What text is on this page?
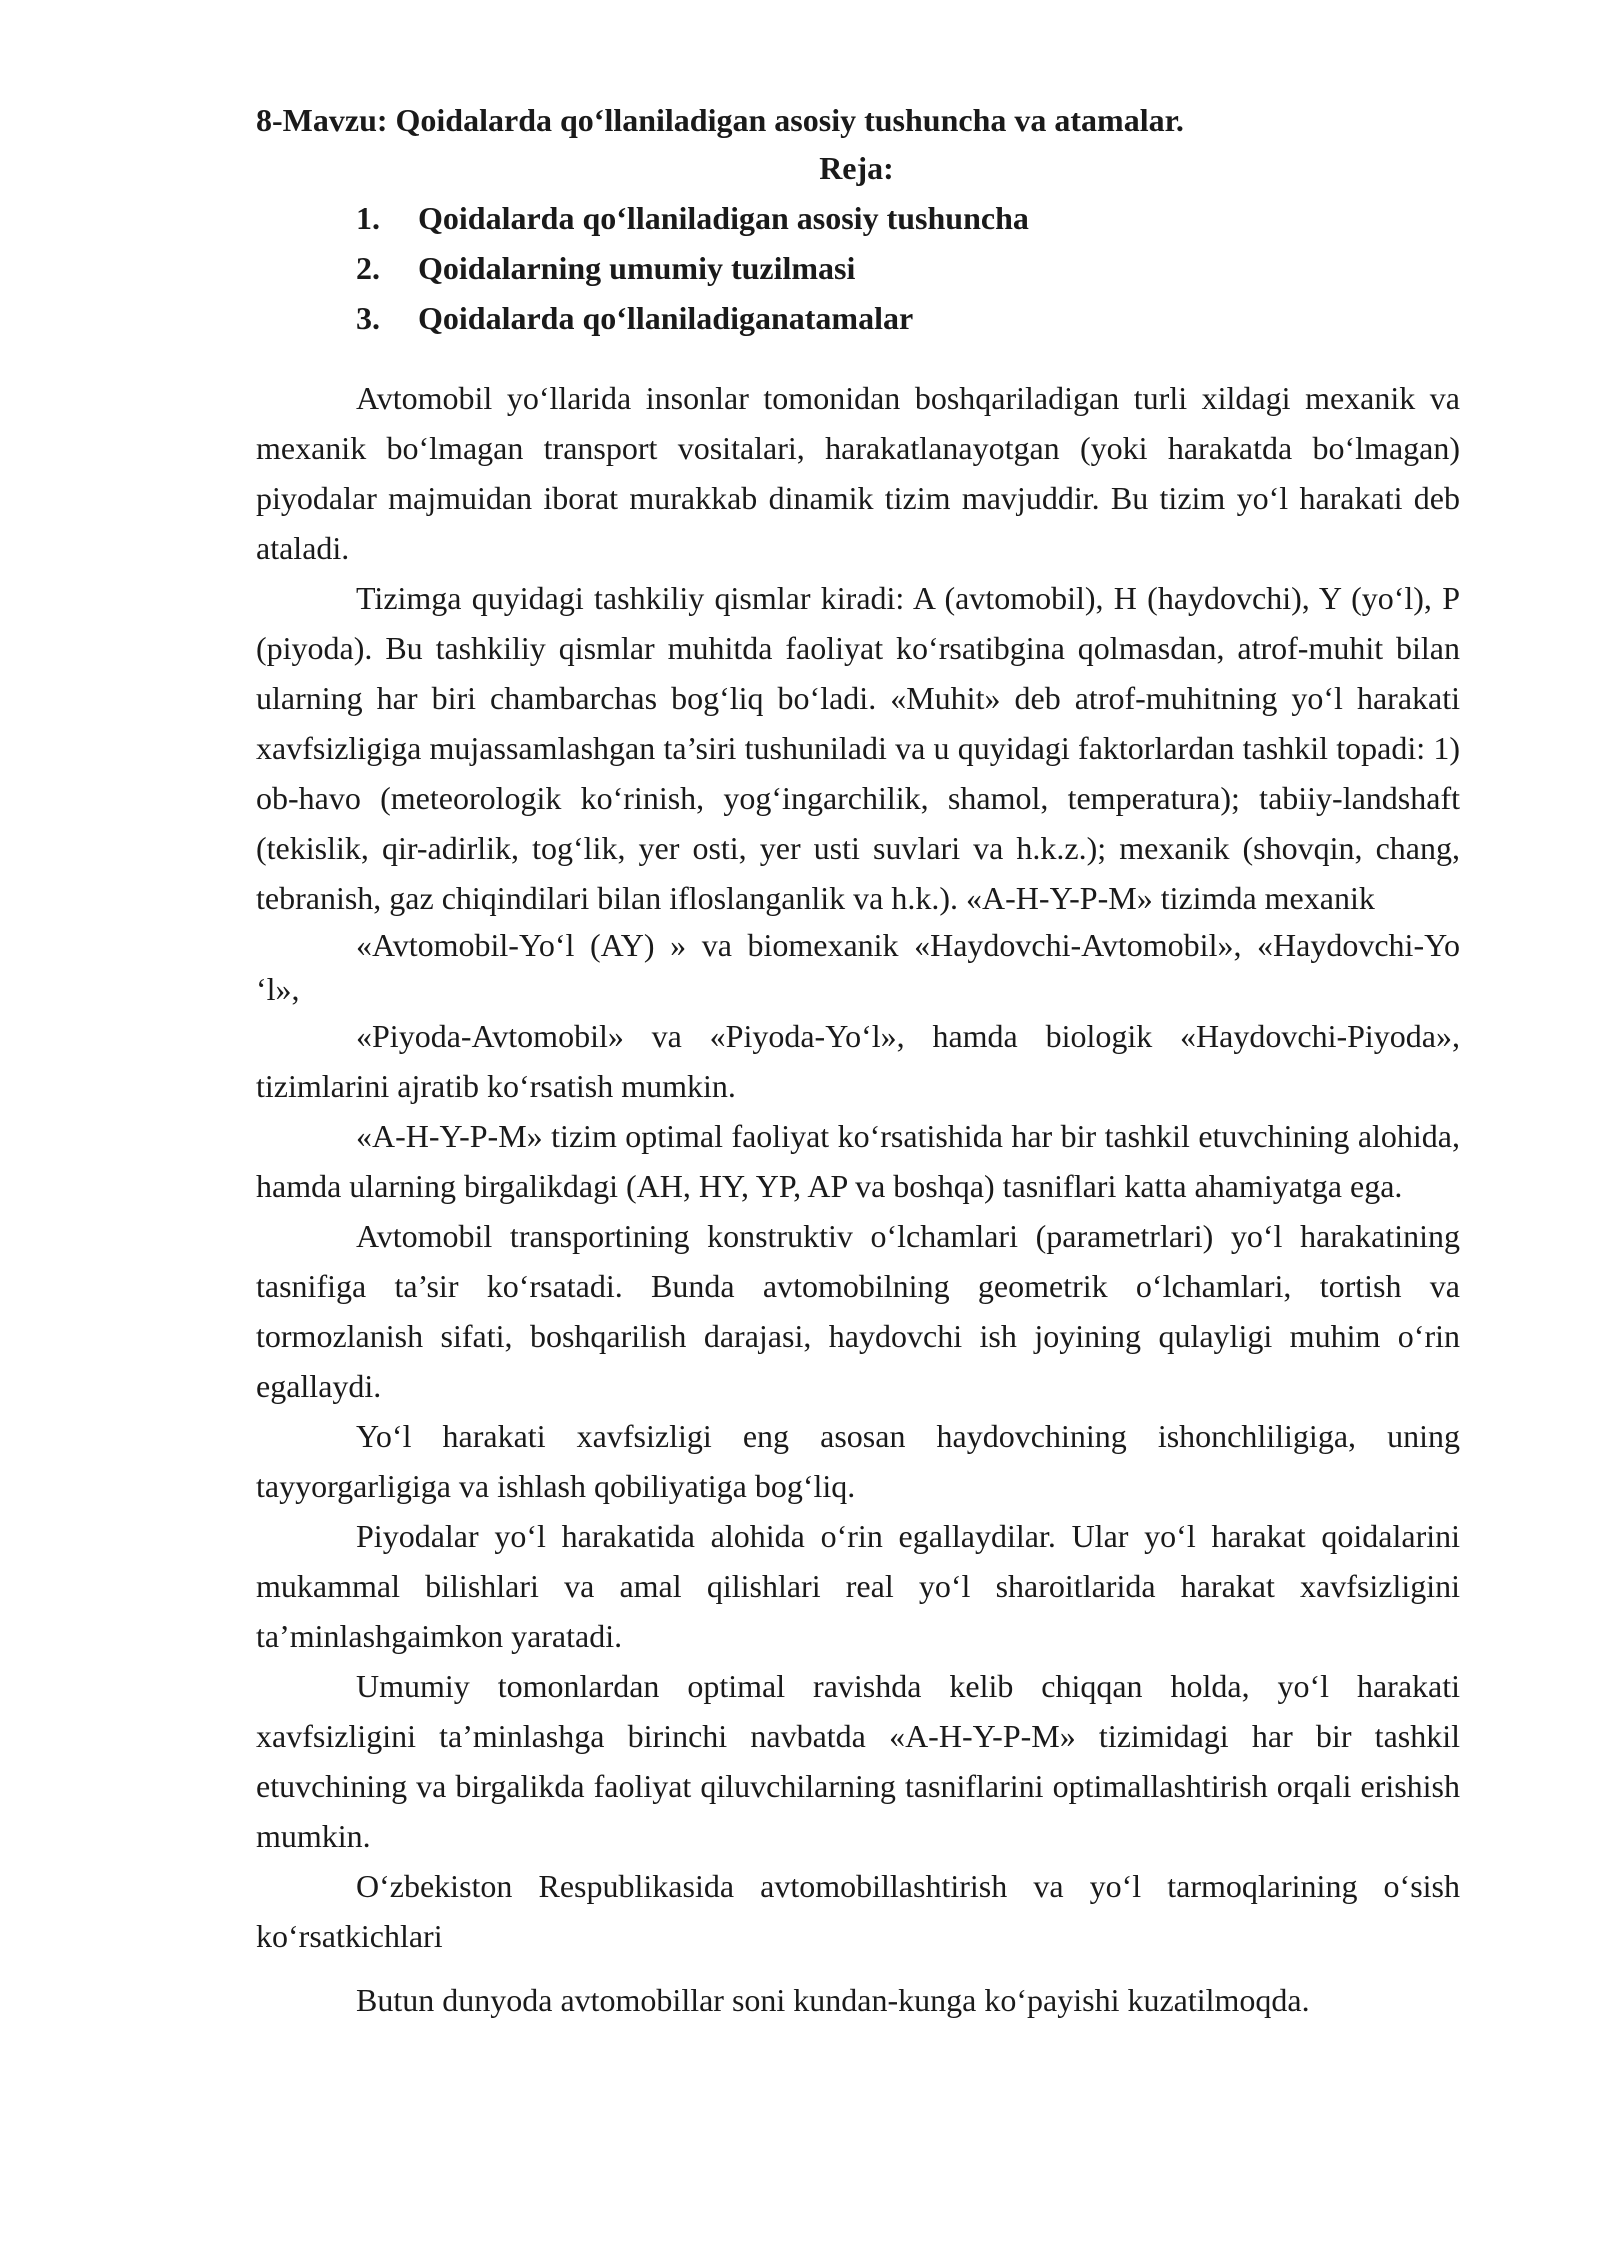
8-Mavzu: Qoidalarda qo‘llaniladigan asosiy tushuncha va atamalar.
Reja:
1. Qoidalarda qo‘llaniladigan asosiy tushuncha
2. Qoidalarning umumiy tuzilmasi
3. Qoidalarda qo‘llaniladiganatamalar

Avtomobil yo‘llarida insonlar tomonidan boshqariladigan turli xildagi mexanik va mexanik bo‘lmagan transport vositalari, harakatlanayotgan (yoki harakatda bo‘lmagan) piyodalar majmuidan iborat murakkab dinamik tizim mavjuddir. Bu tizim yo‘l harakati deb ataladi.

Tizimga quyidagi tashkiliy qismlar kiradi: A (avtomobil), H (haydovchi), Y (yo‘l), P (piyoda). Bu tashkiliy qismlar muhitda faoliyat ko‘rsatibgina qolmasdan, atrof-muhit bilan ularning har biri chambarchas bog‘liq bo‘ladi. «Muhit» deb atrof-muhitning yo‘l harakati xavfsizligiga mujassamlashgan ta’siri tushuniladi va u quyidagi faktorlardan tashkil topadi: 1) ob-havo (meteorologik ko‘rinish, yog‘ingarchilik, shamol, temperatura); tabiiy-landshaft (tekislik, qir-adirlik, tog‘lik, yer osti, yer usti suvlari va h.k.z.); mexanik (shovqin, chang, tebranish, gaz chiqindilari bilan ifloslanganlik va h.k.). «A-H-Y-P-M» tizimda mexanik

«Avtomobil-Yo‘l (AY) » va biomexanik «Haydovchi-Avtomobil», «Haydovchi-Yo ‘l»,

«Piyoda-Avtomobil» va «Piyoda-Yo‘l», hamda biologik «Haydovchi-Piyoda», tizimlarini ajratib ko‘rsatish mumkin.

«A-H-Y-P-M» tizim optimal faoliyat ko‘rsatishida har bir tashkil etuvchining alohida, hamda ularning birgalikdagi (AH, HY, YP, AP va boshqa) tasniflari katta ahamiyatga ega.

Avtomobil transportining konstruktiv o‘lchamlari (parametrlari) yo‘l harakatining tasnifiga ta’sir ko‘rsatadi. Bunda avtomobilning geometrik o‘lchamlari, tortish va tormozlanish sifati, boshqarilish darajasi, haydovchi ish joyining qulayligi muhim o‘rin egallaydi.

Yo‘l harakati xavfsizligi eng asosan haydovchining ishonchliligiga, uning tayyorgarligiga va ishlash qobiliyatiga bog‘liq.

Piyodalar yo‘l harakatida alohida o‘rin egallaydilar. Ular yo‘l harakat qoidalarini mukammal bilishlari va amal qilishlari real yo‘l sharoitlarida harakat xavfsizligini ta’minlashgaimkon yaratadi.

Umumiy tomonlardan optimal ravishda kelib chiqqan holda, yo‘l harakati xavfsizligini ta’minlashga birinchi navbatda «A-H-Y-P-M» tizimidagi har bir tashkil etuvchining va birgalikda faoliyat qiluvchilarning tasniflarini optimallashtirish orqali erishish mumkin.

O‘zbekiston Respublikasida avtomobillashtirish va yo‘l tarmoqlarining o‘sish ko‘rsatkichlari

Butun dunyoda avtomobillar soni kundan-kunga ko‘payishi kuzatilmoqda.
